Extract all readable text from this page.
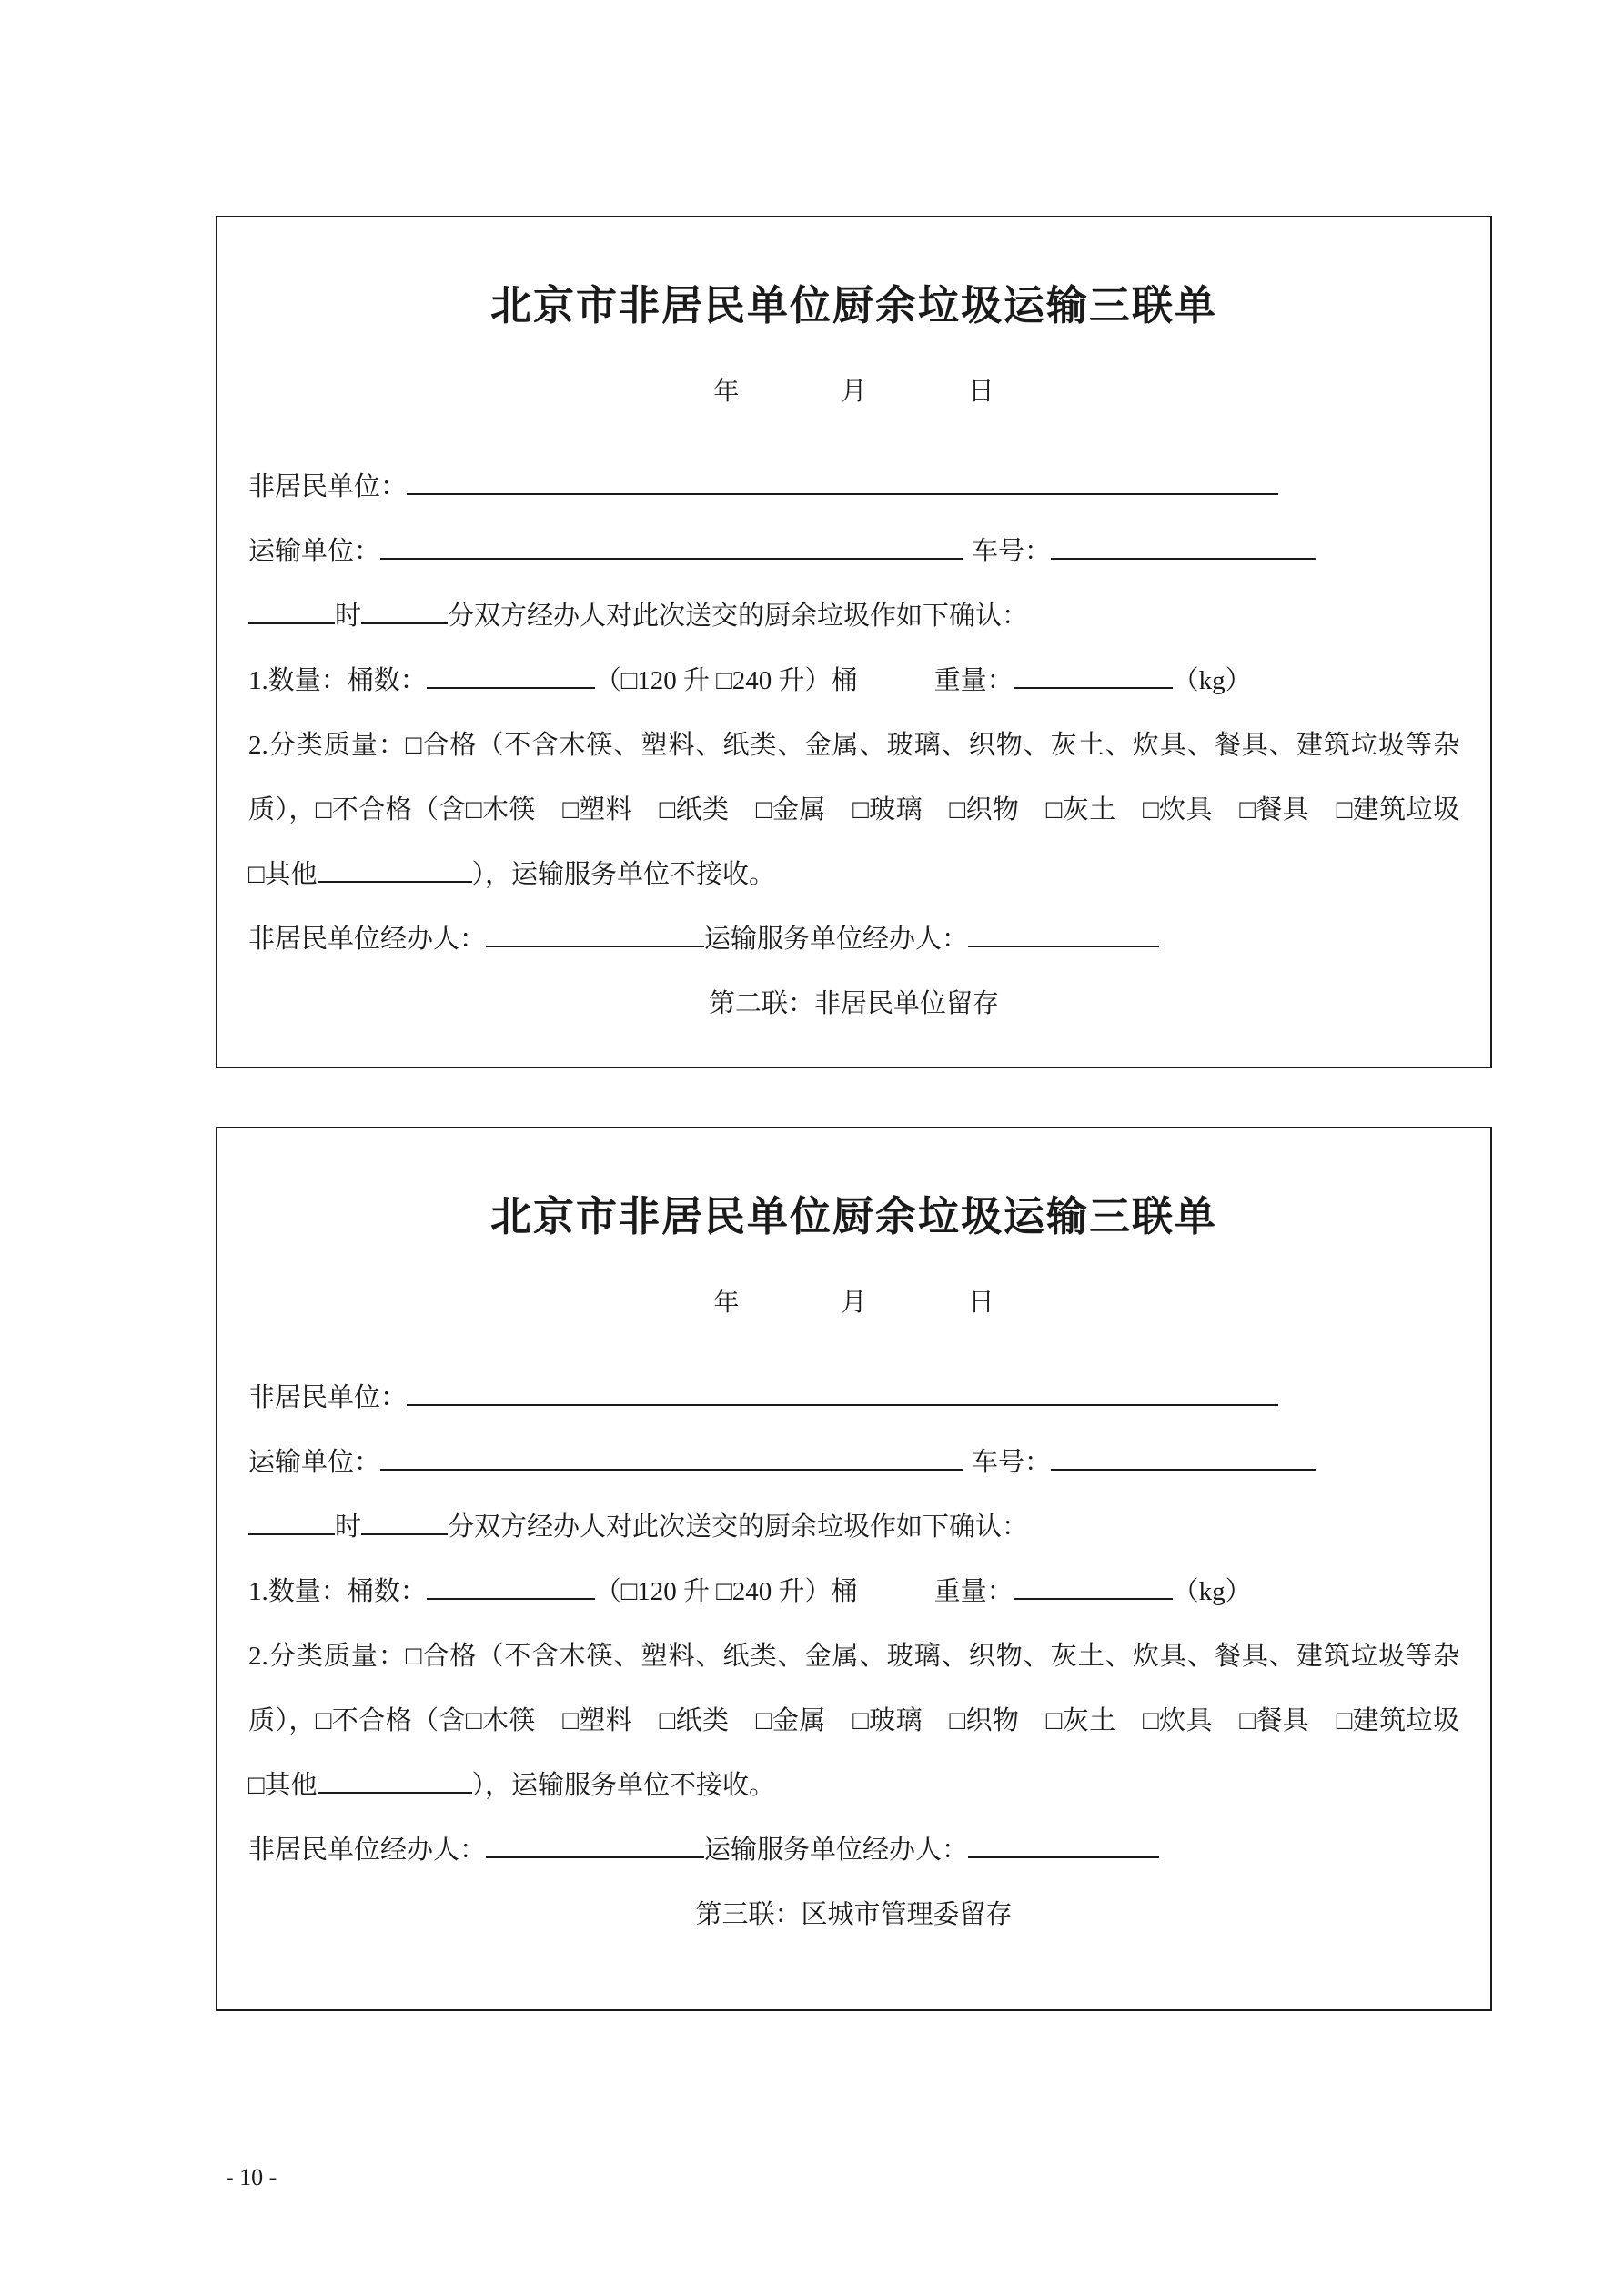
北京市非居民单位厨余垃圾运输三联单
年	月	日
非居民单位：
运输单位：	车号：
时	分双方经办人对此次送交的厨余垃圾作如下确认：
1.数量：桶数：	（□120 升 □240 升）桶	重量：	（kg）
2.分类质量：□合格（不含木筷、塑料、纸类、金属、玻璃、织物、灰土、炊具、餐具、建筑垃圾等杂质），□不合格（含□木筷　□塑料　□纸类　□金属　□玻璃　□织物　□灰土　□炊具　□餐具　□建筑垃圾　□其他	），运输服务单位不接收。
非居民单位经办人：	运输服务单位经办人：
第二联：非居民单位留存
北京市非居民单位厨余垃圾运输三联单
年	月	日
非居民单位：
运输单位：	车号：
时	分双方经办人对此次送交的厨余垃圾作如下确认：
1.数量：桶数：	（□120 升 □240 升）桶	重量：	（kg）
2.分类质量：□合格（不含木筷、塑料、纸类、金属、玻璃、织物、灰土、炊具、餐具、建筑垃圾等杂质），□不合格（含□木筷　□塑料　□纸类　□金属　□玻璃　□织物　□灰土　□炊具　□餐具　□建筑垃圾　□其他	），运输服务单位不接收。
非居民单位经办人：	运输服务单位经办人：
第三联：区城市管理委留存
- 10 -
